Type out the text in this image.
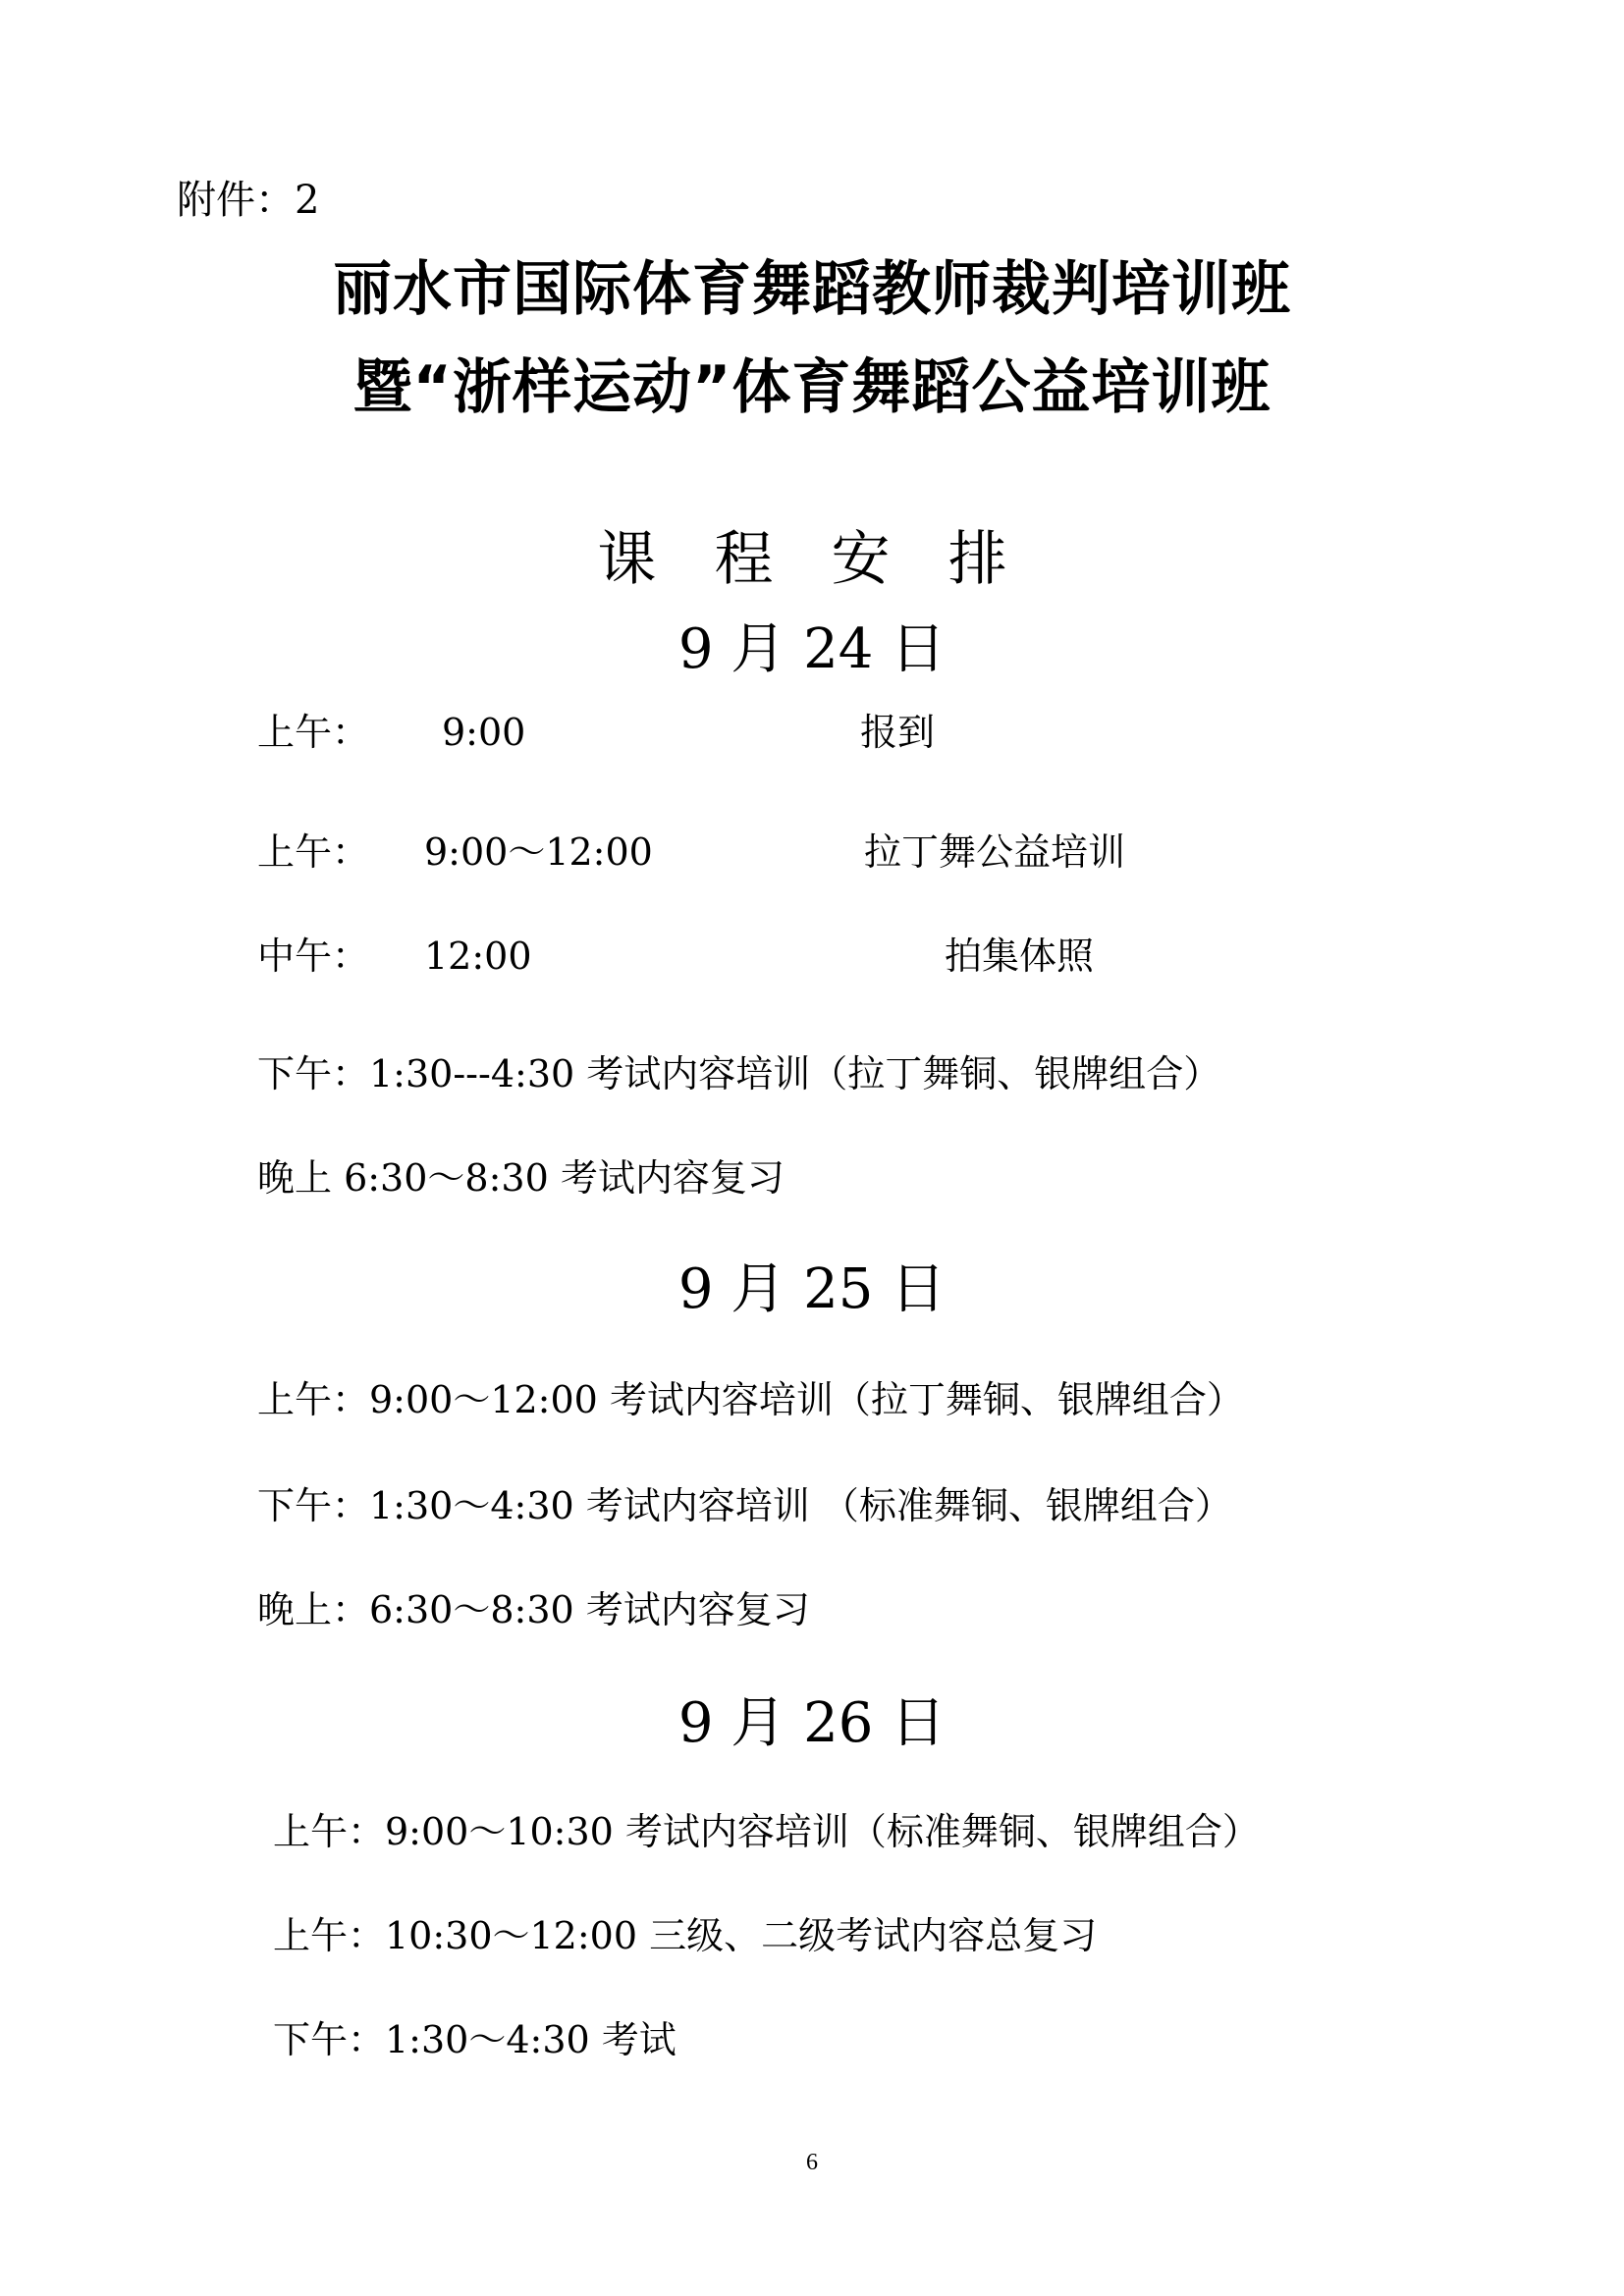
附件：2
丽水市国际体育舞蹈教师裁判培训班
暨“浙样运动”体育舞蹈公益培训班
课 程 安 排
9 月 24 日
上午： 9:00	报到
上午： 9:00～12:00	拉丁舞公益培训
中午： 12:00	拍集体照
下午：1:30---4:30 考试内容培训（拉丁舞铜、银牌组合）
晚上 6:30～8:30 考试内容复习
9 月 25 日
上午：9:00～12:00 考试内容培训（拉丁舞铜、银牌组合）
下午：1:30～4:30 考试内容培训 （标准舞铜、银牌组合）
晚上：6:30～8:30 考试内容复习
9 月 26 日
上午：9:00～10:30 考试内容培训（标准舞铜、银牌组合）
上午：10:30～12:00 三级、二级考试内容总复习
下午：1:30～4:30 考试
6
